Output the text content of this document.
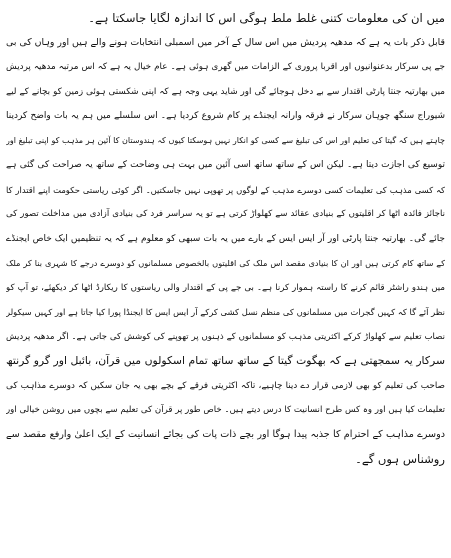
میں ان کی معلومات کتنی غلط ملط ہوگی اس کا اندازہ لگایا جاسکتا ہے۔
قابل ذکر بات یہ ہے کہ مدھیہ پردیش میں اس سال کے آخر میں اسمبلی انتخابات ہونے والے ہیں اور وہاں کی بی
جے پی سرکار بدعنوانیوں اور اقربا پروری کے الزامات میں گھری ہوئی ہے۔ عام خیال یہ ہے کہ اس مرتبہ مدھیہ پردیش
میں بھارتیہ جنتا پارٹی اقتدار سے بے دخل ہوجائے گی اور شاید یہی وجہ ہے کہ اپنی شکستی ہوئی زمین کو بچانے کے لیے
شیوراج سنگھ چوہان سرکار نے فرقہ وارانہ ایجنڈے پر کام شروع کردیا ہے۔ اس سلسلے میں ہم یہ بات واضح کردینا
چاہتے ہیں کہ گیتا کی تعلیم اور اس کی تبلیغ سے کسی کو انکار نہیں ہوسکتا کیوں کہ ہندوستان کا آئین ہر مذہب کو اپنی تبلیغ اور
توسیع کی اجازت دیتا ہے۔ لیکن اس کے ساتھ ساتھ اسی آئین میں بہت ہی وضاحت کے ساتھ یہ صراحت کی گئی ہے
کہ کسی مذہب کی تعلیمات کسی دوسرے مذہب کے لوگوں پر تھوپی نہیں جاسکتیں۔ اگر کوئی ریاستی حکومت اپنے اقتدار کا
ناجائز فائدہ اٹھا کر اقلیتوں کے بنیادی عقائد سے کھلواڑ کرتی ہے تو یہ سراسر فرد کی بنیادی آزادی میں مداخلت تصور کی
جائے گی۔ بھارتیہ جنتا پارٹی اور آر ایس ایس کے بارے میں یہ بات سبھی کو معلوم ہے کہ یہ تنظیمیں ایک خاص ایجنڈے
کے ساتھ کام کرتی ہیں اور ان کا بنیادی مقصد اس ملک کی اقلیتوں بالخصوص مسلمانوں کو دوسرے درجے کا شہری بنا کر ملک
میں ہندو راشٹر قائم کرنے کا راستہ ہموار کرنا ہے۔ بی جے پی کے اقتدار والی ریاستوں کا ریکارڈ اٹھا کر دیکھئے، تو آپ کو
نظر آئے گا کہ کہیں گجرات میں مسلمانوں کی منظم نسل کشی کرکے آر ایس ایس کا ایجنڈا پورا کیا جاتا ہے اور کہیں سیکولر
نصاب تعلیم سے کھلواڑ کرکے اکثریتی مذہب کو مسلمانوں کے ذہنوں پر تھوپنے کی کوشش کی جاتی ہے۔ اگر مدھیہ پردیش
سرکار یہ سمجھتی ہے کہ بھگوت گیتا کے ساتھ ساتھ تمام اسکولوں میں قرآن، بائبل اور گرو گرنتھ
صاحب کی تعلیم کو بھی لازمی قرار دے دینا چاہیے، تاکہ اکثریتی فرقے کے بچے بھی یہ جان سکیں کہ دوسرے مذاہب کی
تعلیمات کیا ہیں اور وہ کس طرح انسانیت کا درس دیتے ہیں۔ خاص طور پر قرآن کی تعلیم سے بچوں میں روشن خیالی اور
دوسرے مذاہب کے احترام کا جذبہ پیدا ہوگا اور بچے ذات پات کی بجائے انسانیت کے ایک اعلیٰ وارفع مقصد سے
روشناس ہوں گے۔
